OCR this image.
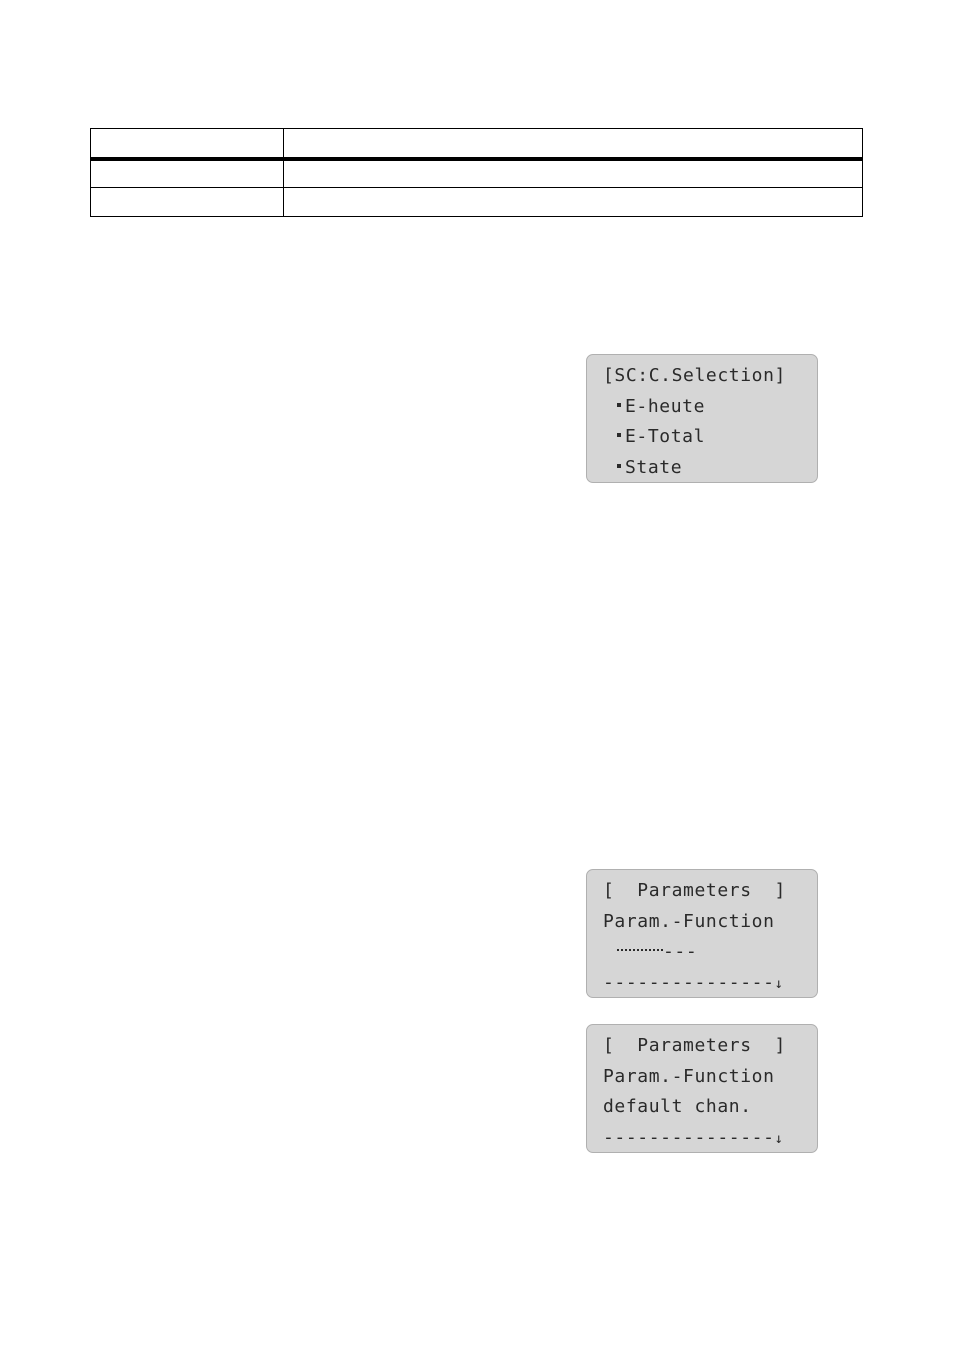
[SC:C.Selection]
E-heute
E-Total
State
[  Parameters  ]
Param.-Function
---
---------------↓
[  Parameters  ]
Param.-Function
default chan.
---------------↓
